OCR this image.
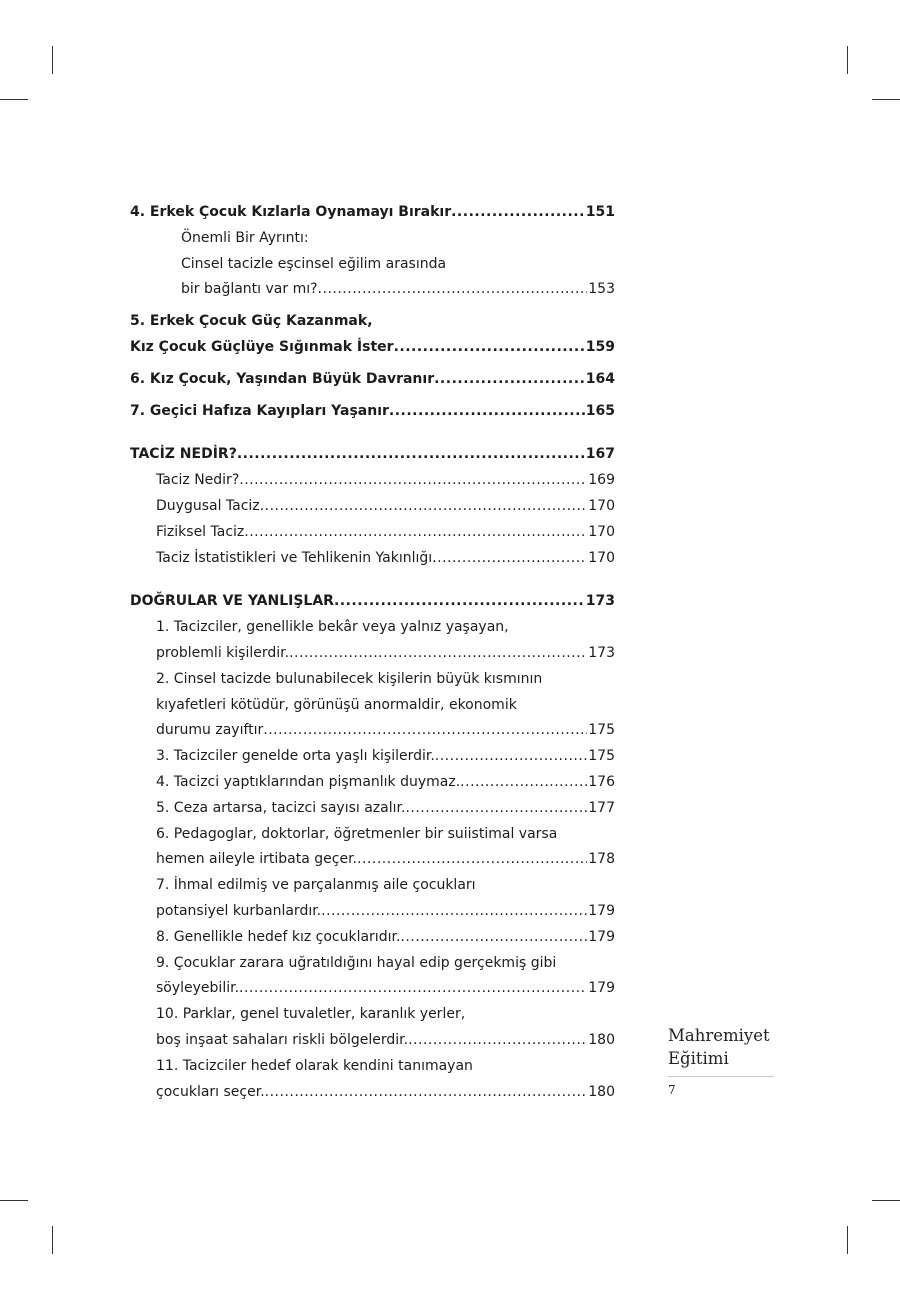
4. Erkek Çocuk Kızlarla Oynamayı Bırakır .....	151
Önemli Bir Ayrıntı:
Cinsel tacizle eşcinsel eğilim arasında
bir bağlantı var mı? .....	153
5. Erkek Çocuk Güç Kazanmak,
Kız Çocuk Güçlüye Sığınmak İster .....	159
6. Kız Çocuk, Yaşından Büyük Davranır .....	164
7. Geçici Hafıza Kayıpları Yaşanır .....	165
TACİZ NEDİR? .....	167
Taciz Nedir? .....	169
Duygusal Taciz .....	170
Fiziksel Taciz .....	170
Taciz İstatistikleri ve Tehlikenin Yakınlığı .....	170
DOĞRULAR VE YANLIŞLAR .....	173
1. Tacizciler, genellikle bekâr veya yalnız yaşayan,
problemli kişilerdir. .....	173
2. Cinsel tacizde bulunabilecek kişilerin büyük kısmının
kıyafetleri kötüdür, görünüşü anormaldir, ekonomik
durumu zayıftır .....	175
3. Tacizciler genelde orta yaşlı kişilerdir. .....	175
4. Tacizci yaptıklarından pişmanlık duymaz. .....	176
5. Ceza artarsa, tacizci sayısı azalır. .....	177
6. Pedagoglar, doktorlar, öğretmenler bir suiistimal varsa
hemen aileyle irtibata geçer. .....	178
7. İhmal edilmiş ve parçalanmış aile çocukları
potansiyel kurbanlardır. .....	179
8. Genellikle hedef kız çocuklarıdır. .....	179
9. Çocuklar zarara uğratıldığını hayal edip gerçekmiş gibi
söyleyebilir. .....	179
10. Parklar, genel tuvaletler, karanlık yerler,
boş inşaat sahaları riskli bölgelerdir. .....	180
11. Tacizciler hedef olarak kendini tanımayan
çocukları seçer. .....	180
Mahremiyet
Eğitimi
7
